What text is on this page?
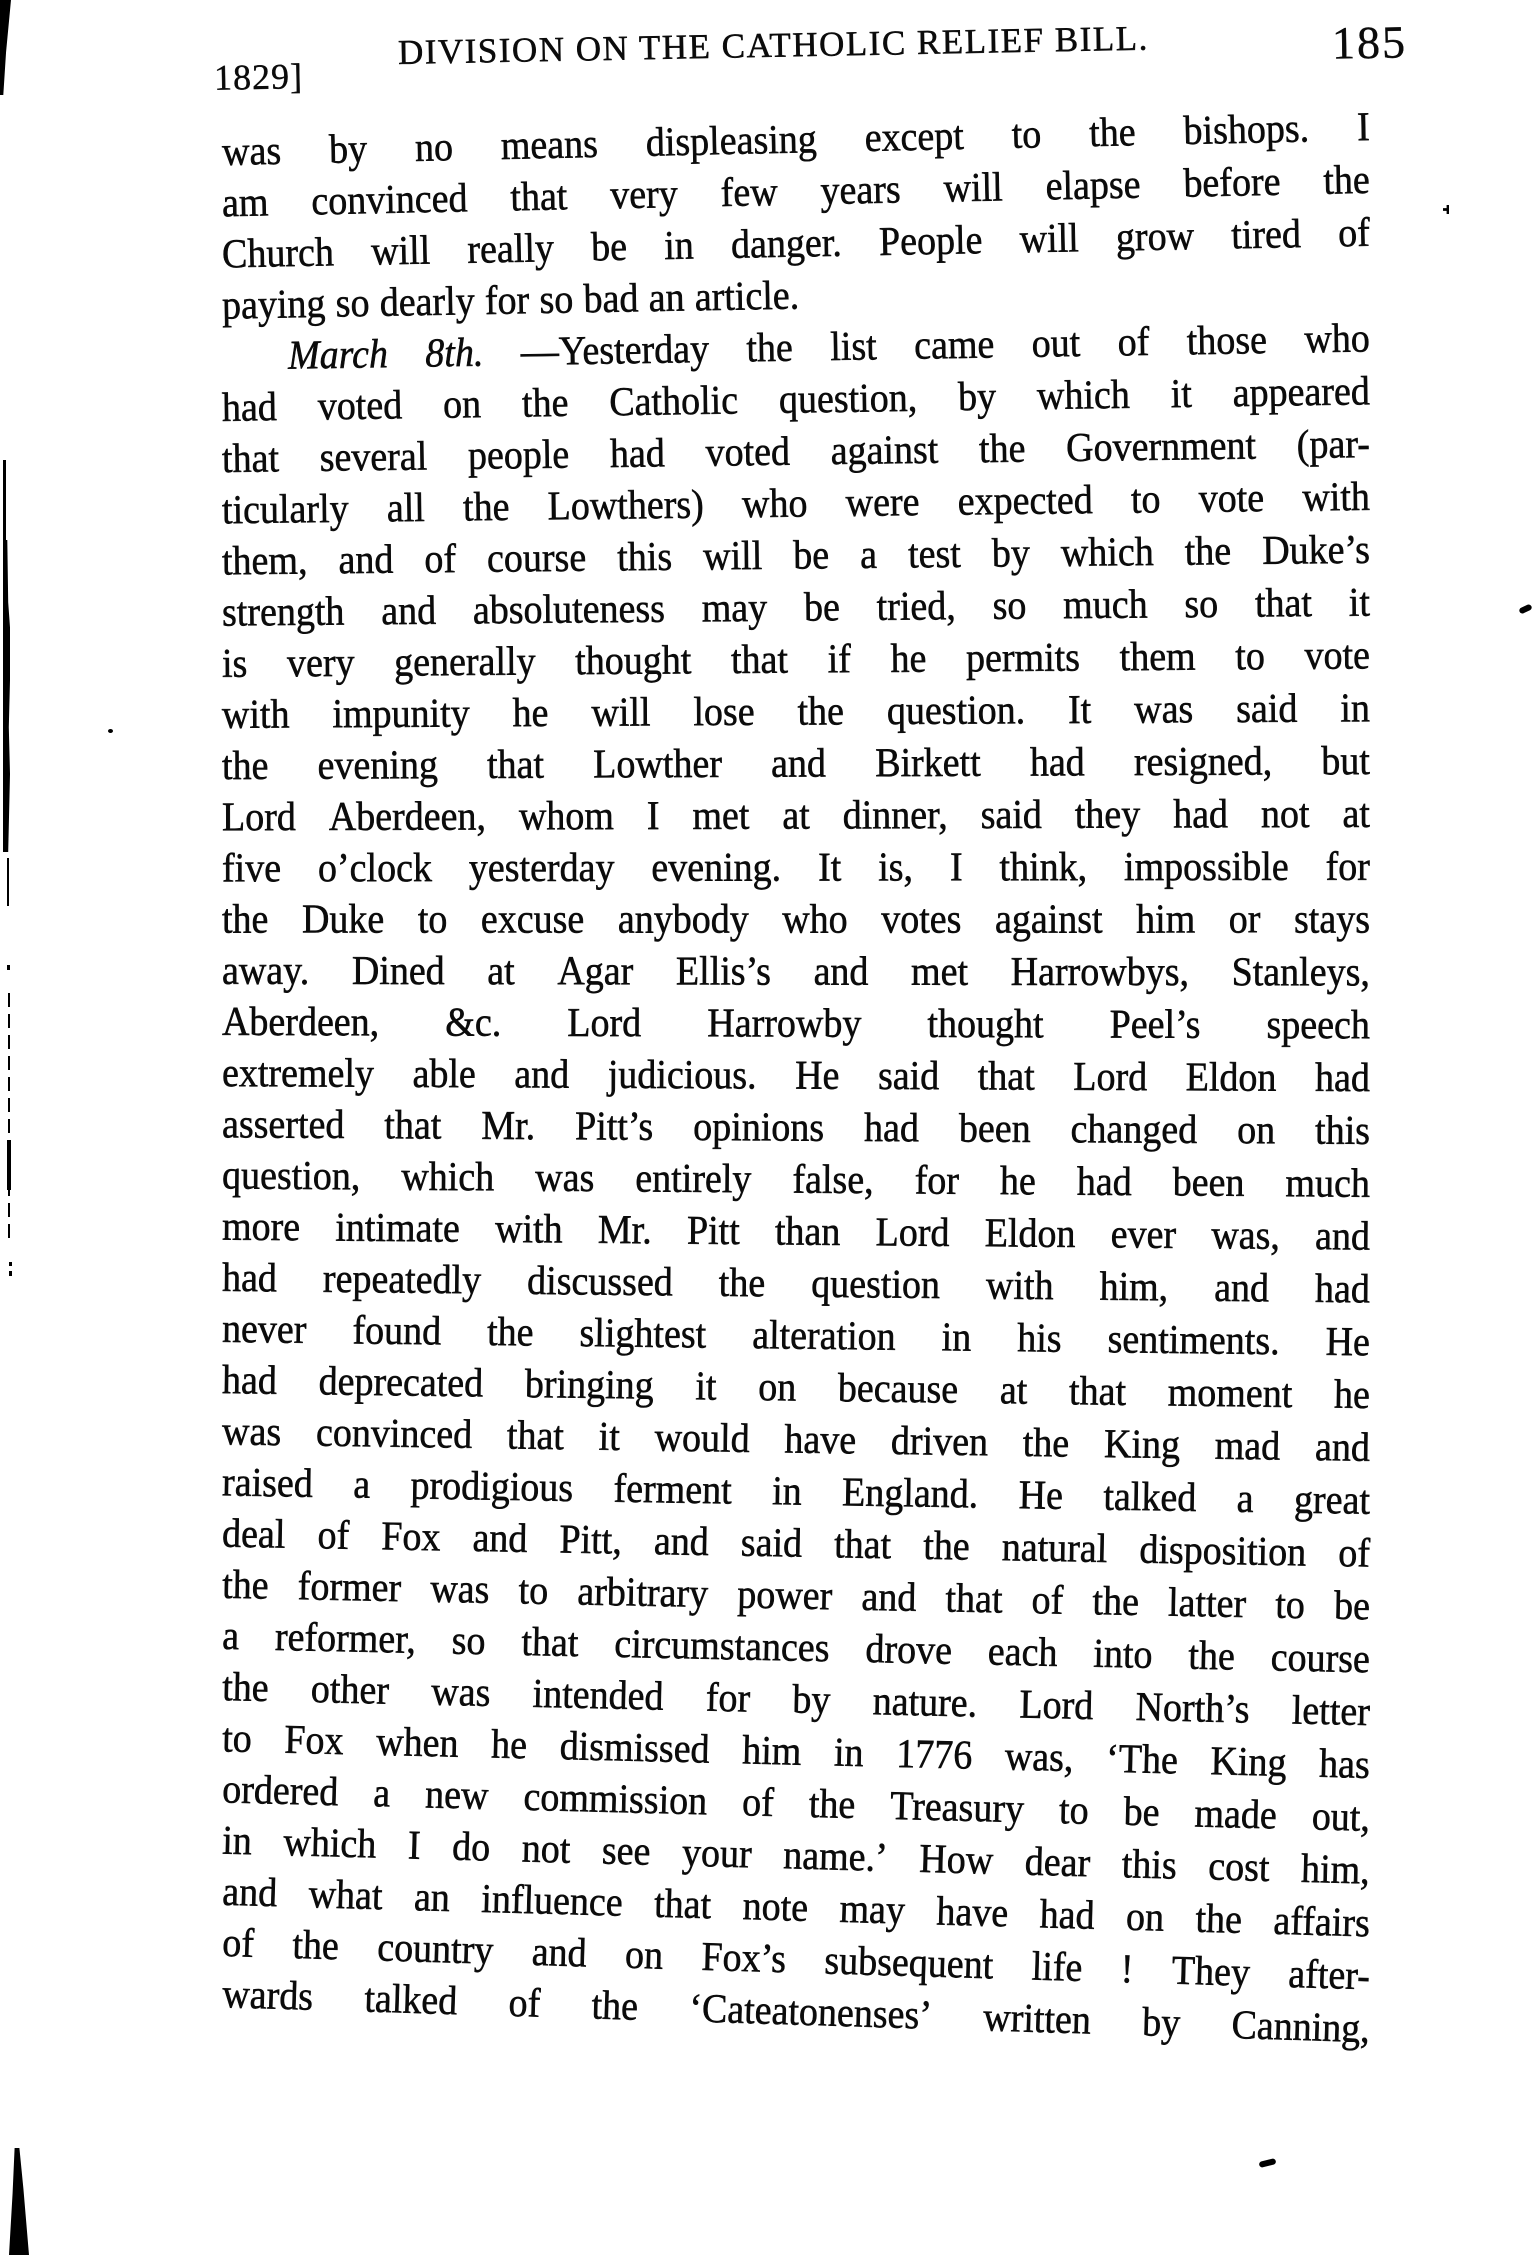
1829]
DIVISION ON THE CATHOLIC RELIEF BILL.	185
was by no means displeasing except to the bishops. I
am convinced that very few years will elapse before the
Church will really be in danger. People will grow tired of
paying so dearly for so bad an article.
March 8th. —Yesterday the list came out of those who
had voted on the Catholic question, by which it appeared
that several people had voted against the Government (par-
ticularly all the Lowthers) who were expected to vote with
them, and of course this will be a test by which the Duke’s
strength and absoluteness may be tried, so much so that it
is very generally thought that if he permits them to vote
with impunity he will lose the question. It was said in
the evening that Lowther and Birkett had resigned, but
Lord Aberdeen, whom I met at dinner, said they had not at
five o’clock yesterday evening. It is, I think, impossible for
the Duke to excuse anybody who votes against him or stays
away. Dined at Agar Ellis’s and met Harrowbys, Stanleys,
Aberdeen, &c. Lord Harrowby thought Peel’s speech
extremely able and judicious. He said that Lord Eldon had
asserted that Mr. Pitt’s opinions had been changed on this
question, which was entirely false, for he had been much
more intimate with Mr. Pitt than Lord Eldon ever was, and
had repeatedly discussed the question with him, and had
never found the slightest alteration in his sentiments. He
had deprecated bringing it on because at that moment he
was convinced that it would have driven the King mad and
raised a prodigious ferment in England. He talked a great
deal of Fox and Pitt, and said that the natural disposition of
the former was to arbitrary power and that of the latter to be
a reformer, so that circumstances drove each into the course
the other was intended for by nature. Lord North’s letter
to Fox when he dismissed him in 1776 was, ‘The King has
ordered a new commission of the Treasury to be made out,
in which I do not see your name.’ How dear this cost him,
and what an influence that note may have had on the affairs
of the country and on Fox’s subsequent life ! They after-
wards talked of the ‘Cateatonenses’ written by Canning,
